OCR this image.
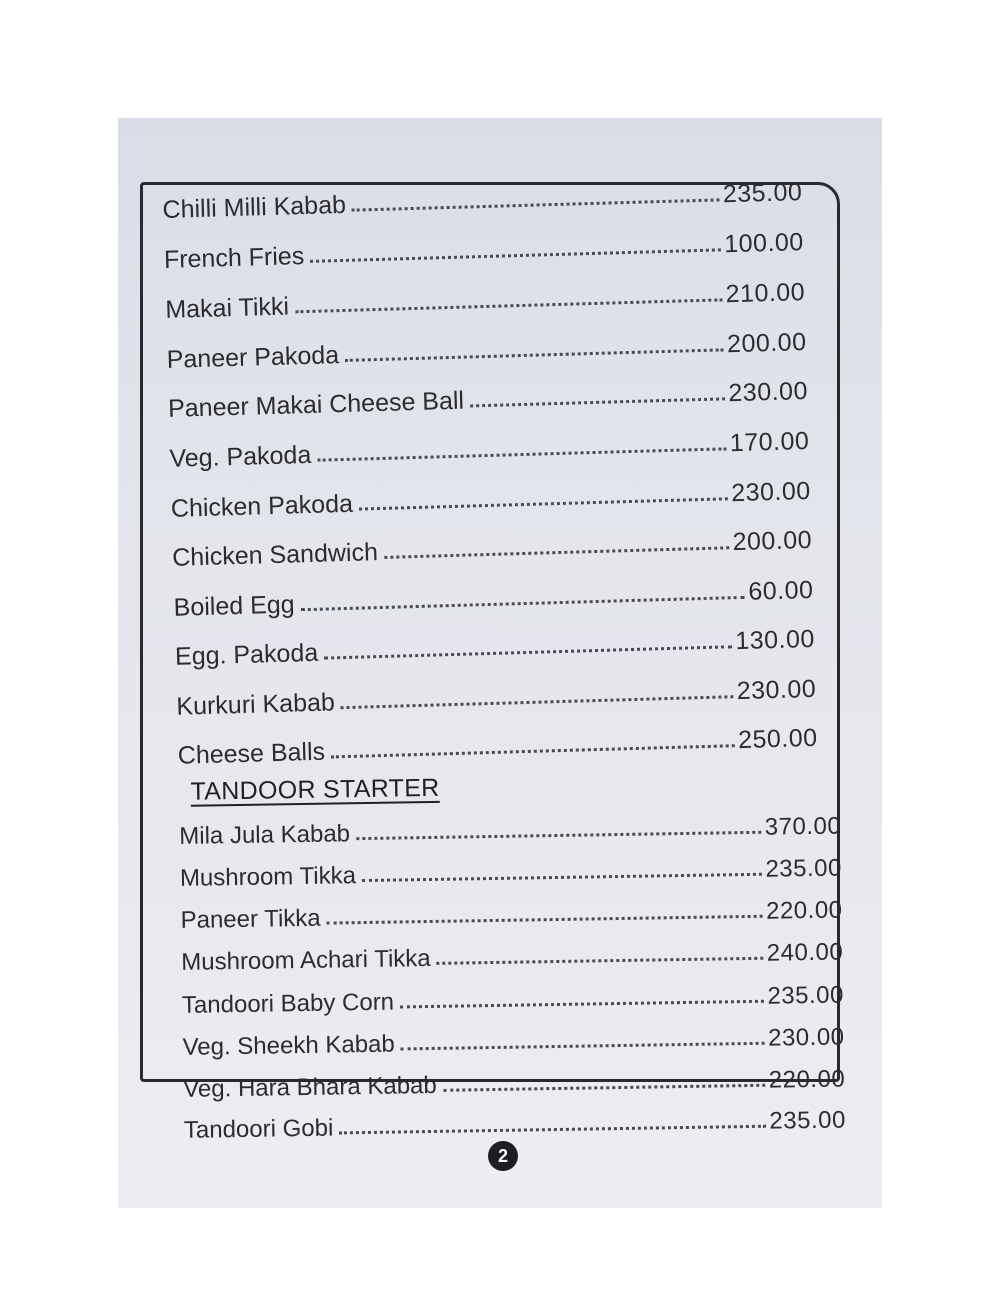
Chilli Milli Kabab	235.00
French Fries	100.00
Makai Tikki	210.00
Paneer Pakoda	200.00
Paneer Makai Cheese Ball	230.00
Veg. Pakoda	170.00
Chicken Pakoda	230.00
Chicken Sandwich	200.00
Boiled Egg	60.00
Egg. Pakoda	130.00
Kurkuri Kabab	230.00
Cheese Balls	250.00
TANDOOR STARTER
Mila Jula Kabab	370.00
Mushroom Tikka	235.00
Paneer Tikka	220.00
Mushroom Achari Tikka	240.00
Tandoori Baby Corn	235.00
Veg. Sheekh Kabab	230.00
Veg. Hara Bhara Kabab	220.00
Tandoori Gobi	235.00
2
